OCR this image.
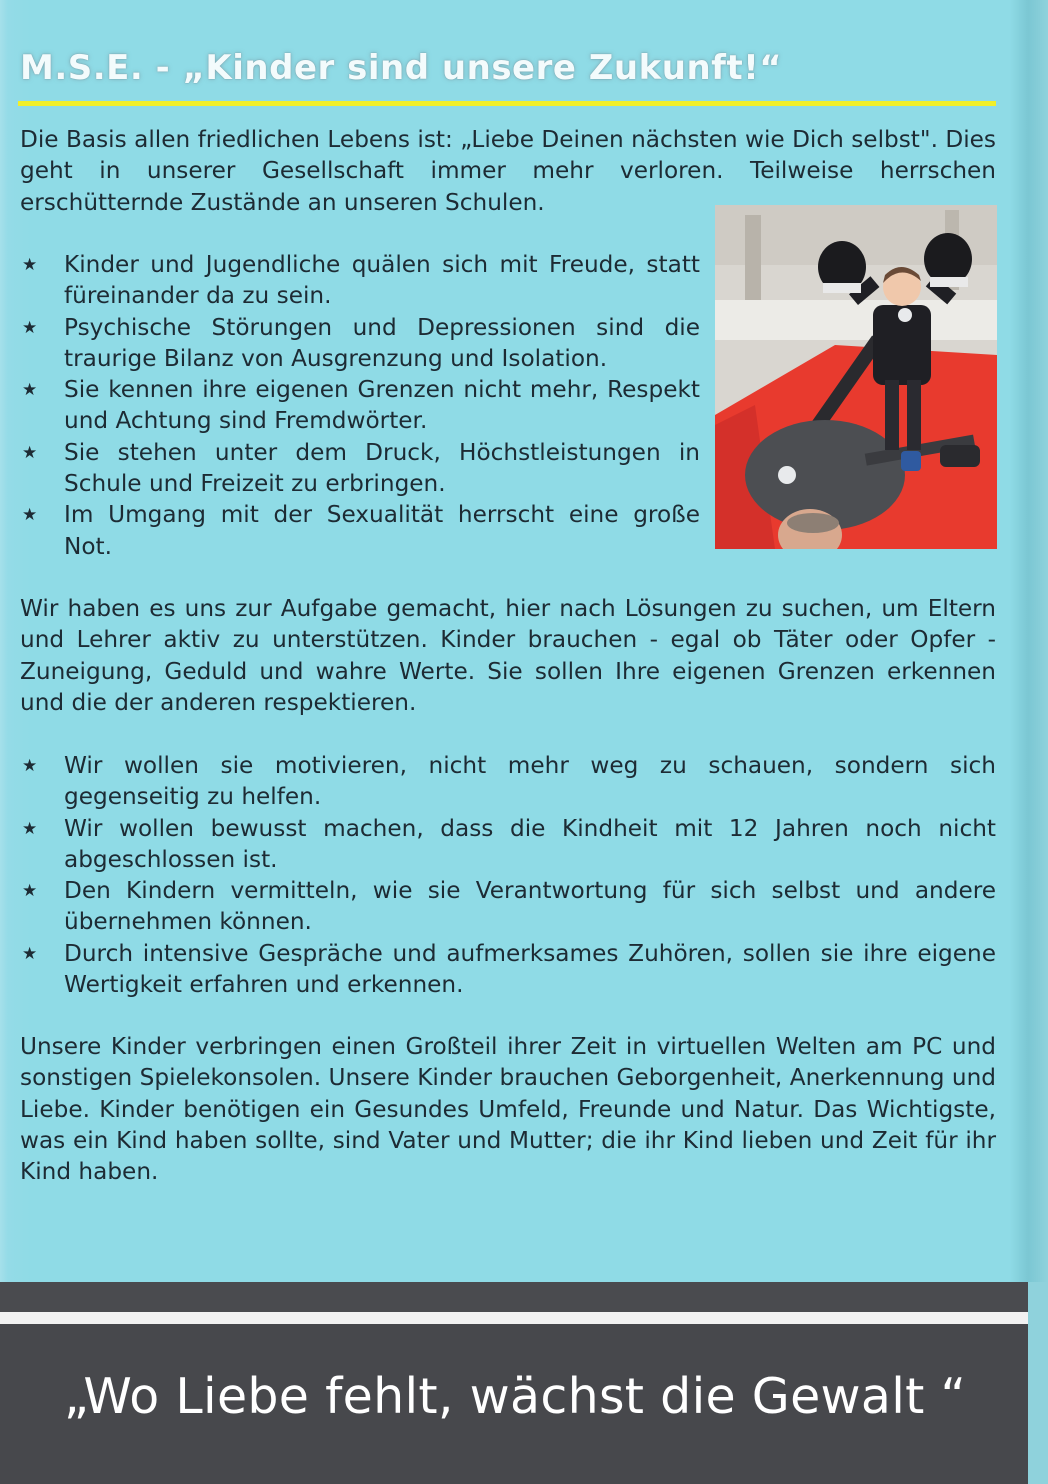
M.S.E. - „Kinder sind unsere Zukunft!“

Die Basis allen friedlichen Lebens ist: „Liebe Deinen nächsten wie Dich selbst". Dies geht in unserer Gesellschaft immer mehr verloren. Teilweise herrschen erschütternde Zustände an unseren Schulen.

★ Kinder und Jugendliche quälen sich mit Freude, statt füreinander da zu sein.
★ Psychische Störungen und Depressionen sind die traurige Bilanz von Ausgrenzung und Isolation.
★ Sie kennen ihre eigenen Grenzen nicht mehr, Respekt und Achtung sind Fremdwörter.
★ Sie stehen unter dem Druck, Höchstleistungen in Schule und Freizeit zu erbringen.
★ Im Umgang mit der Sexualität herrscht eine große Not.

Wir haben es uns zur Aufgabe gemacht, hier nach Lösungen zu suchen, um Eltern und Lehrer aktiv zu unterstützen. Kinder brauchen - egal ob Täter oder Opfer - Zuneigung, Geduld und wahre Werte. Sie sollen Ihre eigenen Grenzen erkennen und die der anderen respektieren.

★ Wir wollen sie motivieren, nicht mehr weg zu schauen, sondern sich gegenseitig zu helfen.
★ Wir wollen bewusst machen, dass die Kindheit mit 12 Jahren noch nicht abgeschlossen ist.
★ Den Kindern vermitteln, wie sie Verantwortung für sich selbst und andere übernehmen können.
★ Durch intensive Gespräche und aufmerksames Zuhören, sollen sie ihre eigene Wertigkeit erfahren und erkennen.

Unsere Kinder verbringen einen Großteil ihrer Zeit in virtuellen Welten am PC und sonstigen Spielekonsolen. Unsere Kinder brauchen Geborgenheit, Anerkennung und Liebe. Kinder benötigen ein Gesundes Umfeld, Freunde und Natur. Das Wichtigste, was ein Kind haben sollte, sind Vater und Mutter; die ihr Kind lieben und Zeit für ihr Kind haben.

„Wo Liebe fehlt, wächst die Gewalt “
